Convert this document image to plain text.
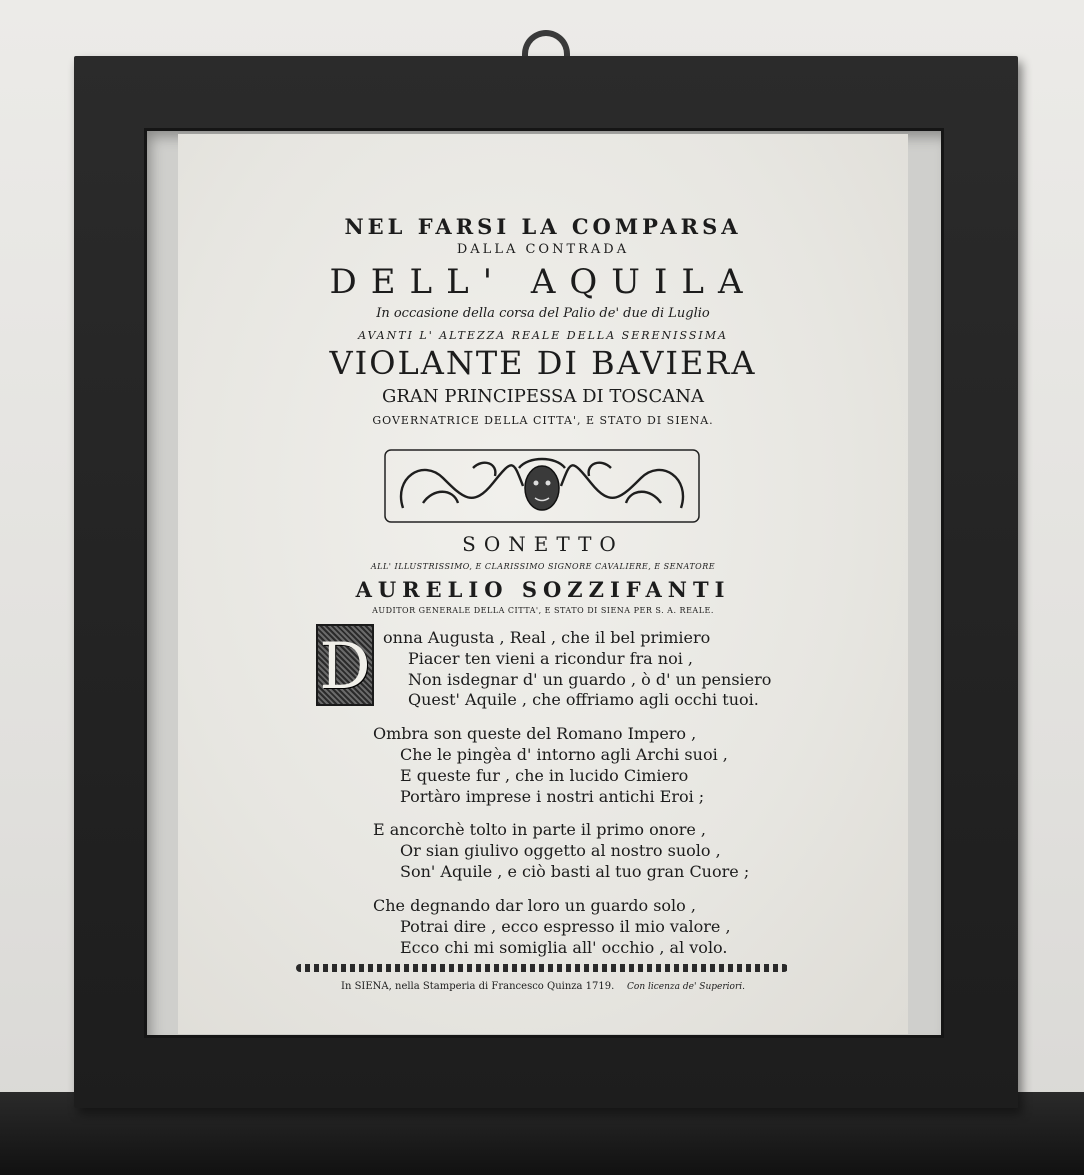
NEL FARSI LA COMPARSA
DALLA CONTRADA
DELL' AQUILA
In occasione della corsa del Palio de' due di Luglio
AVANTI L' ALTEZZA REALE DELLA SERENISSIMA
VIOLANTE DI BAVIERA
GRAN PRINCIPESSA DI TOSCANA
GOVERNATRICE DELLA CITTA', E STATO DI SIENA.
SONETTO
ALL' ILLUSTRISSIMO, E CLARISSIMO SIGNORE CAVALIERE, E SENATORE
AURELIO SOZZIFANTI
AUDITOR GENERALE DELLA CITTA', E STATO DI SIENA PER S. A. REALE.
D onna Augusta , Real , che il bel primiero
Piacer ten vieni a ricondur fra noi ,
Non isdegnar d' un guardo , ò d' un pensiero
Quest' Aquile , che offriamo agli occhi tuoi.
Ombra son queste del Romano Impero ,
Che le pingèa d' intorno agli Archi suoi ,
E queste fur , che in lucido Cimiero
Portàro imprese i nostri antichi Eroi ;
E ancorchè tolto in parte il primo onore ,
Or sian giulivo oggetto al nostro suolo ,
Son' Aquile , e ciò basti al tuo gran Cuore ;
Che degnando dar loro un guardo solo ,
Potrai dire , ecco espresso il mio valore ,
Ecco chi mi somiglia all' occhio , al volo.
In SIENA, nella Stamperia di Francesco Quinza 1719. Con licenza de' Superiori.
